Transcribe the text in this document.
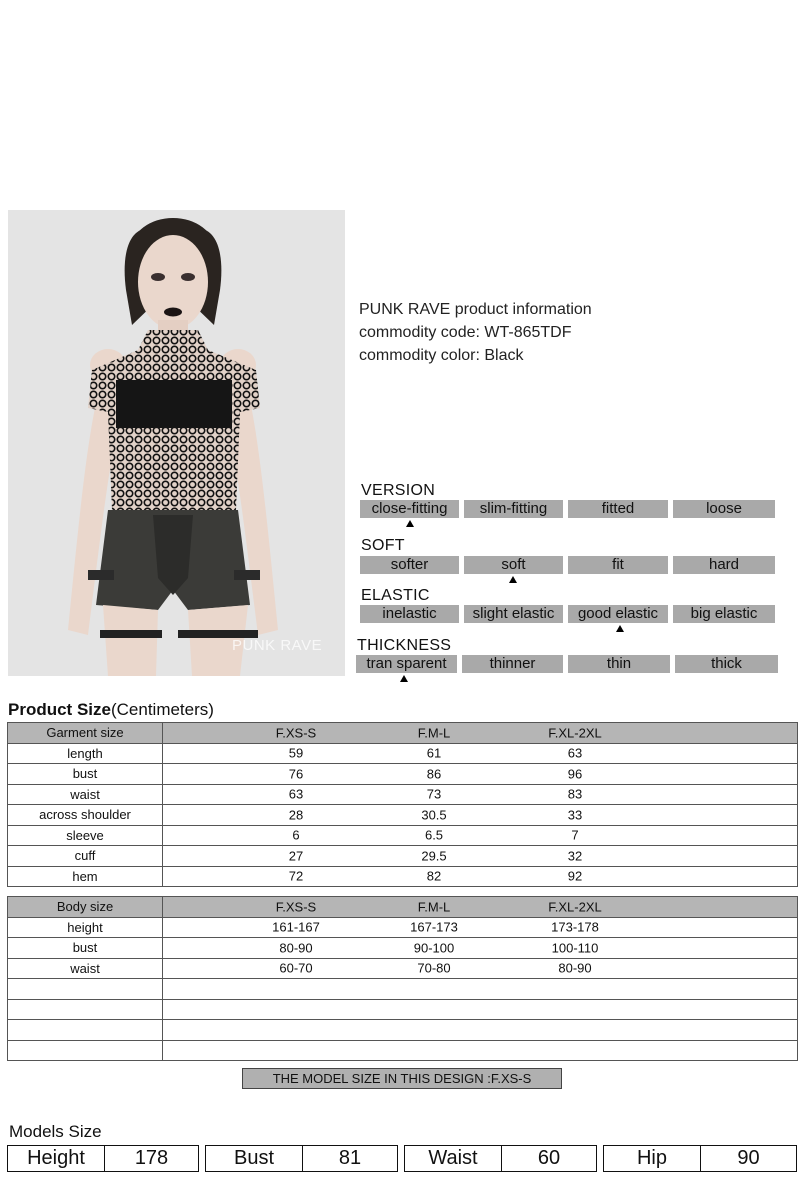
PUNK RAVE
PUNK RAVE product information
commodity code: WT-865TDF
commodity color: Black
VERSION
close-fitting	slim-fitting	fitted	loose
SOFT
softer	soft	fit	hard
ELASTIC
inelastic	slight elastic	good elastic	big elastic
THICKNESS
tran sparent	thinner	thin	thick
Product Size(Centimeters)
Garment size	F.XS-S F.M-L F.XL-2XL

length	59 61 63

bust	76 86 96

waist	63 73 83

across shoulder	28 30.5 33

sleeve	6 6.5 7

cuff	27 29.5 32

hem	72 82 92
Body size	F.XS-S F.M-L F.XL-2XL

height	161-167 167-173 173-178

bust	80-90 90-100 100-110

waist	60-70 70-80 80-90

THE MODEL SIZE IN THIS DESIGN :F.XS-S
Models Size
Height	178	Bust	81	Waist	60	Hip	90
